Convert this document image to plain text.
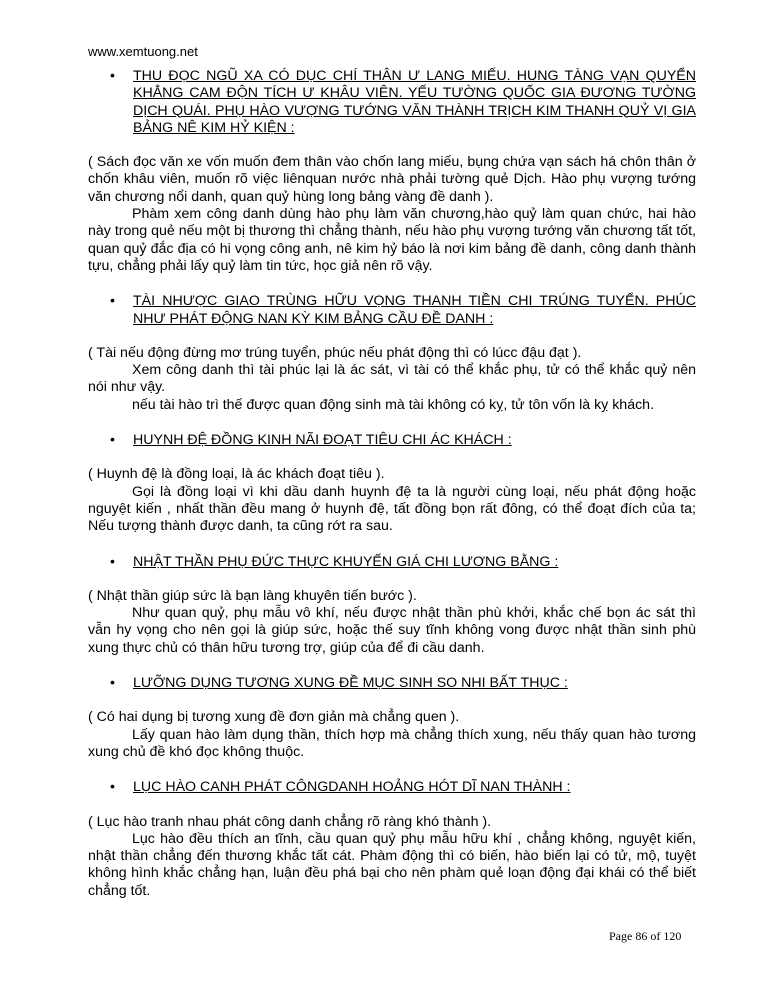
www.xemtuong.net
• THU ĐỌC NGŨ XA CÓ DỤC CHÍ THÂN Ư LANG MIẾU. HUNG TÀNG VẠN QUYỂN KHẲNG CAM ĐỘN TÍCH Ư KHÂU VIÊN. YẾU TƯỜNG QUỐC GIA ĐƯƠNG TƯỜNG DỊCH QUÁI. PHỤ HÀO VƯỢNG TƯỚNG VĂN THÀNH TRỊCH KIM THANH QUỶ VỊ GIA BẢNG NÊ KIM HỶ KIỆN :

( Sách đọc văn xe vốn muốn đem thân vào chốn lang miếu, bụng chứa vạn sách há chôn thân ở chốn khâu viên, muốn rõ việc liênquan nước nhà phải tường quẻ Dịch. Hào phụ vượng tướng văn chương nổi danh, quan quỷ hùng long bảng vàng đề danh ).

Phàm xem công danh dùng hào phụ làm văn chương,hào quỷ làm quan chức, hai hào này trong quẻ nếu một bị thương thì chẳng thành, nếu hào phụ vượng tướng văn chương tất tốt, quan quỷ đắc địa có hi vọng công anh, nê kim hỷ báo là nơi kim bảng đề danh, công danh thành tựu, chẳng phải lấy quỷ làm tin tức, học giả nên rõ vậy.

• TÀI NHƯỢC GIAO TRÙNG HỮU VỌNG THANH TIỀN CHI TRÚNG TUYỂN. PHÚC NHƯ PHÁT ĐỘNG NAN KỲ KIM BẢNG CẦU ĐỀ DANH :

( Tài nếu động đừng mơ trúng tuyển, phúc nếu phát động thì có lúcc đậu đạt ).

Xem công danh thì tài phúc lại là ác sát, vì tài có thể khắc phụ, tử có thể khắc quỷ nên nói như vậy.

nếu tài hào trì thế được quan động sinh mà tài không có kỵ, tử tôn vốn là kỵ khách.

• HUYNH ĐỆ ĐỒNG KINH NÃI ĐOẠT TIÊU CHI ÁC KHÁCH :

( Huynh đệ là đồng loại, là ác khách đoạt tiêu ).

Gọi là đồng loại vì khi dầu danh huynh đệ ta là người cùng loại, nếu phát động hoặc nguyệt kiến , nhất thần đều mang ở huynh đệ, tất đồng bọn rất đông, có thể đoạt đích của ta; Nếu tượng thành được danh, ta cũng rớt ra sau.

• NHẬT THẦN PHỤ ĐỨC THỰC KHUYẾN GIÁ CHI LƯƠNG BẰNG :

( Nhật thần giúp sức là bạn làng khuyên tiến bước ).

Như quan quỷ, phụ mẫu vô khí, nếu được nhật thần phù khởi, khắc chế bọn ác sát thì vẫn hy vọng cho nên gọi là giúp sức, hoặc thế suy tĩnh không vong được nhật thần sinh phù xung thực chủ có thân hữu tương trợ, giúp của để đi cầu danh.

• LƯỠNG DỤNG TƯƠNG XUNG ĐỀ MỤC SINH SO NHI BẤT THỤC :

( Có hai dụng bị tương xung đề đơn giản mà chẳng quen ).

Lấy quan hào làm dụng thần, thích hợp mà chẳng thích xung, nếu thấy quan hào tương xung chủ đề khó đọc không thuộc.

• LỤC HÀO CANH PHÁT CÔNGDANH HOẢNG HÓT DĨ NAN THÀNH :

( Lục hào tranh nhau phát công danh chẳng rõ ràng khó thành ).

Lục hào đều thích an tĩnh, cầu quan quỷ phụ mẫu hữu khí , chẳng không, nguyệt kiến, nhật thần chẳng đến thương khắc tất cát. Phàm động thì có biến, hào biến lại có tử, mộ, tuyệt không hình khắc chẳng hạn, luận đều phá bại cho nên phàm quẻ loạn động đại khái có thể biết chẳng tốt.

Page 86 of 120
